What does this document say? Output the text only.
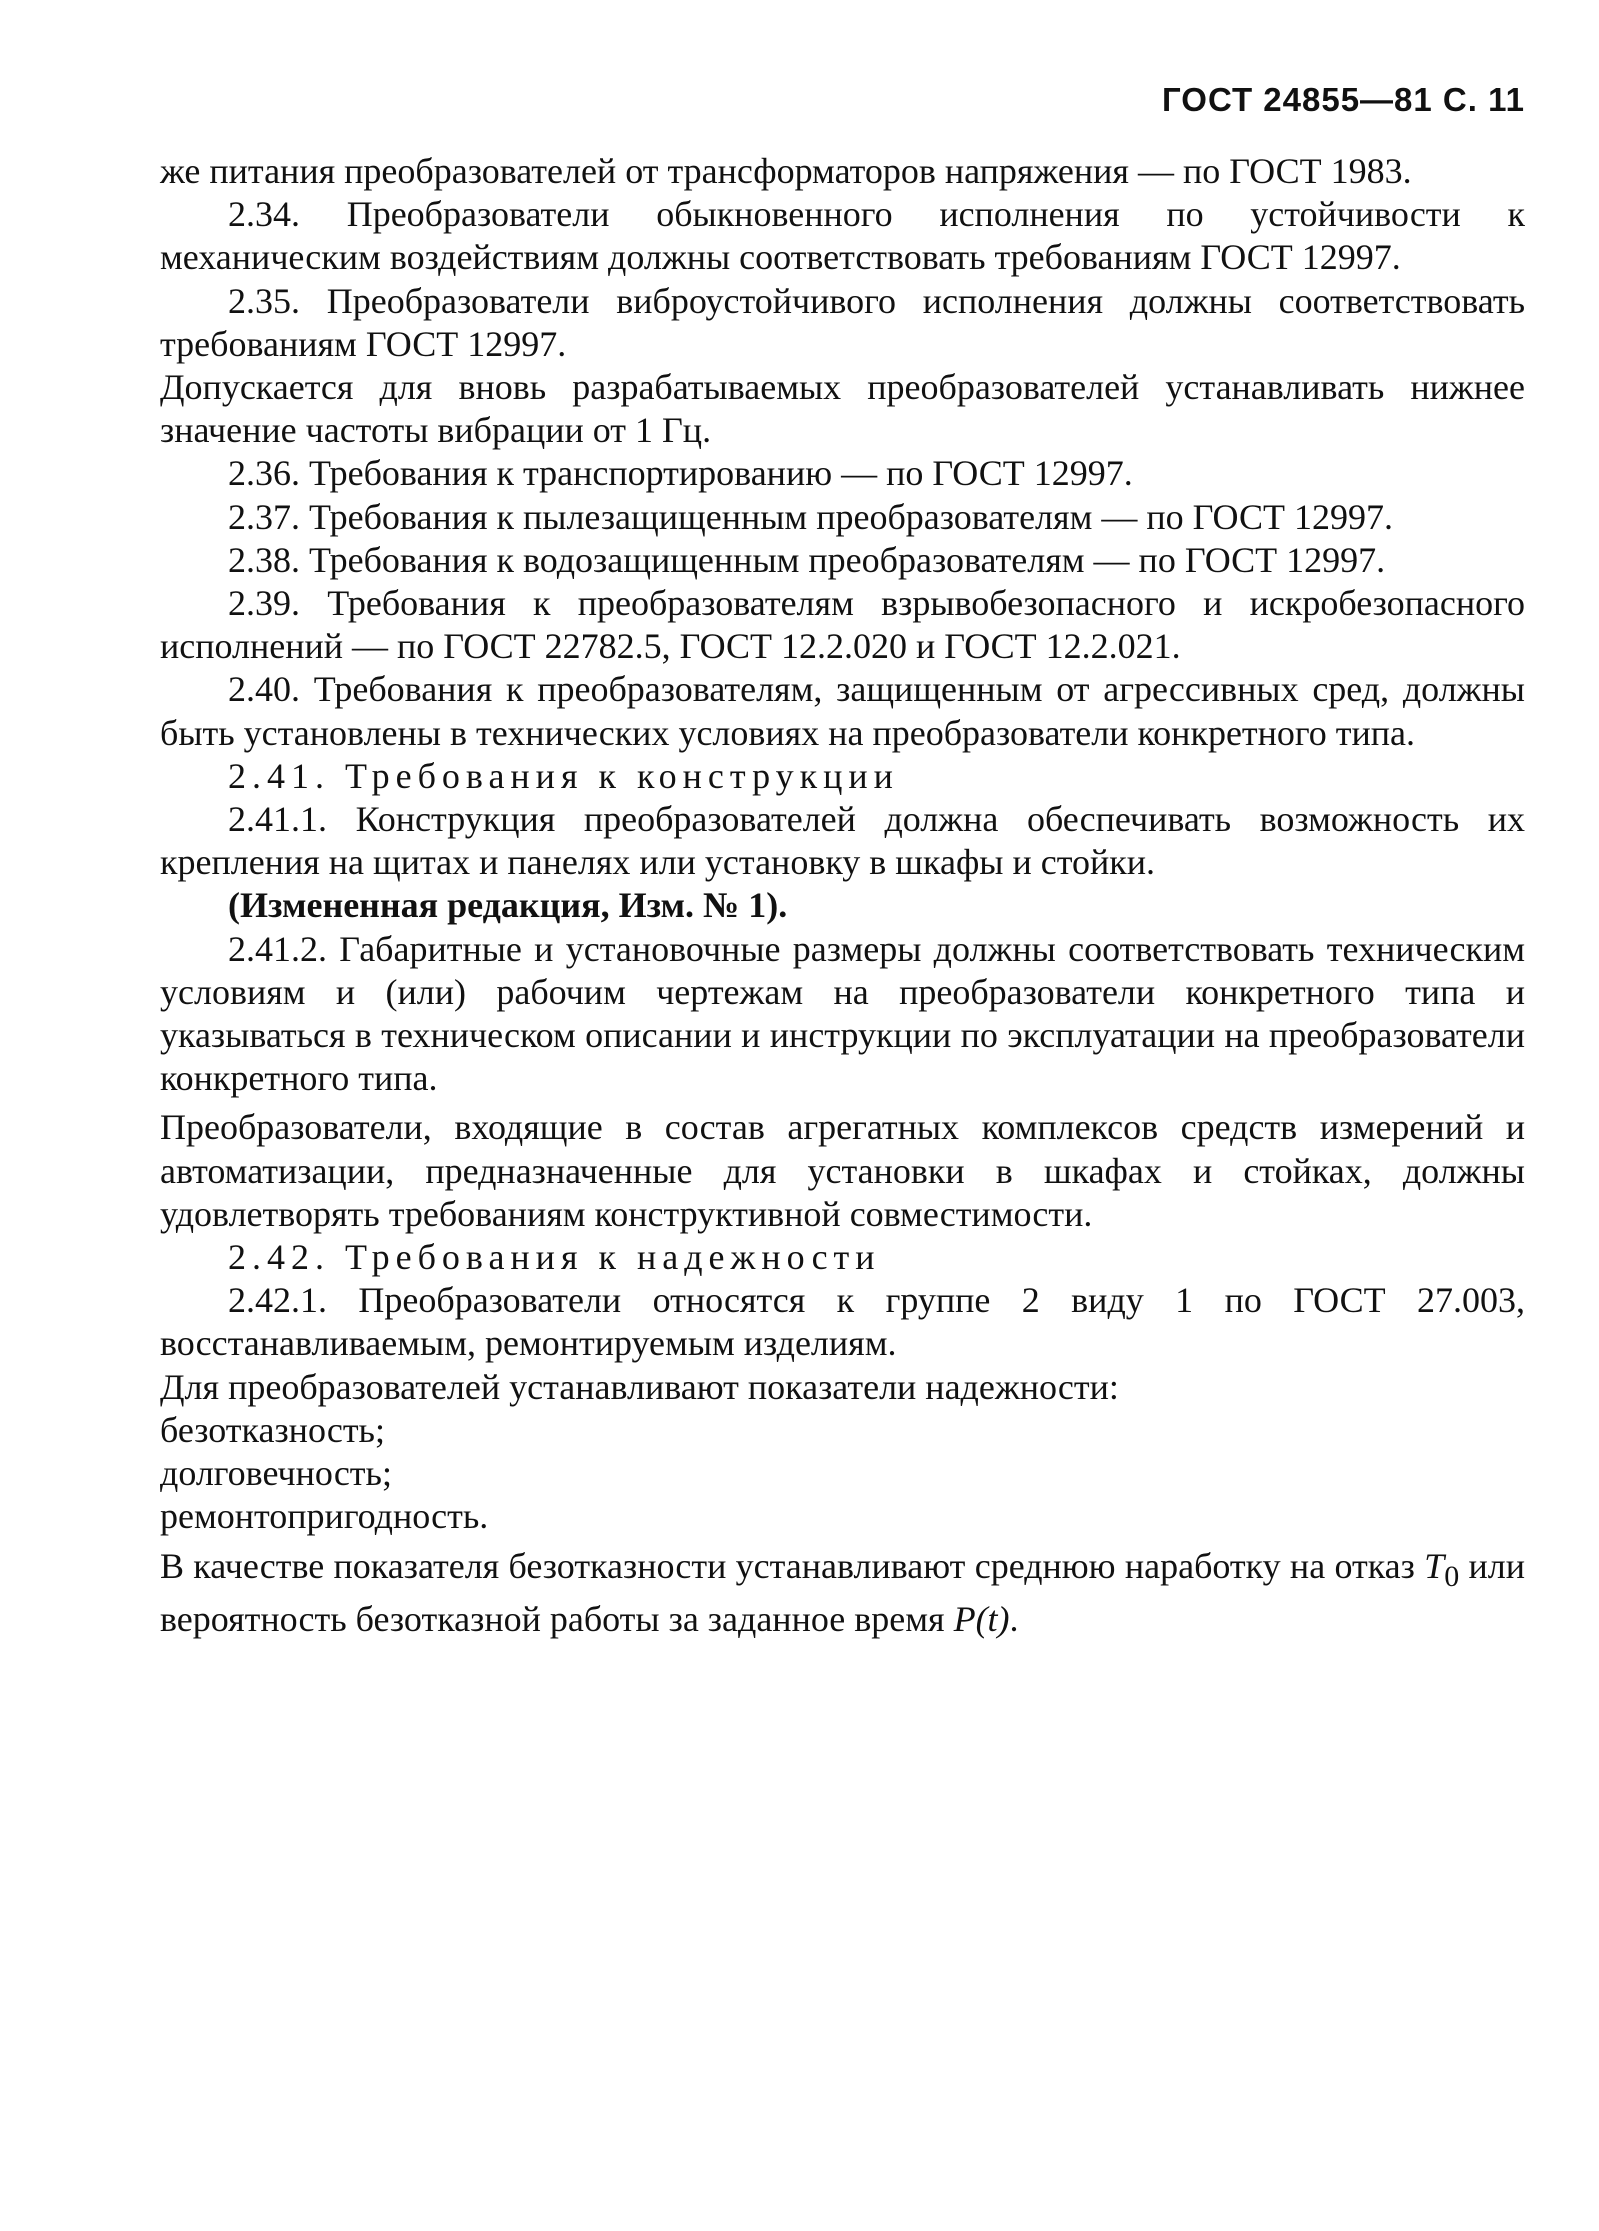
ГОСТ 24855—81 С. 11

же питания преобразователей от трансформаторов напряжения — по ГОСТ 1983.

2.34. Преобразователи обыкновенного исполнения по устойчивости к механическим воздействиям должны соответствовать требованиям ГОСТ 12997.

2.35. Преобразователи виброустойчивого исполнения должны соответствовать требованиям ГОСТ 12997.

Допускается для вновь разрабатываемых преобразователей устанавливать нижнее значение частоты вибрации от 1 Гц.

2.36. Требования к транспортированию — по ГОСТ 12997.

2.37. Требования к пылезащищенным преобразователям — по ГОСТ 12997.

2.38. Требования к водозащищенным преобразователям — по ГОСТ 12997.

2.39. Требования к преобразователям взрывобезопасного и искробезопасного исполнений — по ГОСТ 22782.5, ГОСТ 12.2.020 и ГОСТ 12.2.021.

2.40. Требования к преобразователям, защищенным от агрессивных сред, должны быть установлены в технических условиях на преобразователи конкретного типа.

2.41. Требования к конструкции

2.41.1. Конструкция преобразователей должна обеспечивать возможность их крепления на щитах и панелях или установку в шкафы и стойки.

(Измененная редакция, Изм. № 1).

2.41.2. Габаритные и установочные размеры должны соответствовать техническим условиям и (или) рабочим чертежам на преобразователи конкретного типа и указываться в техническом описании и инструкции по эксплуатации на преобразователи конкретного типа.

Преобразователи, входящие в состав агрегатных комплексов средств измерений и автоматизации, предназначенные для установки в шкафах и стойках, должны удовлетворять требованиям конструктивной совместимости.

2.42. Требования к надежности

2.42.1. Преобразователи относятся к группе 2 виду 1 по ГОСТ 27.003, восстанавливаемым, ремонтируемым изделиям.

Для преобразователей устанавливают показатели надежности:

безотказность;

долговечность;

ремонтопригодность.

В качестве показателя безотказности устанавливают среднюю наработку на отказ $T_0$ или вероятность безотказной работы за заданное время P(t).
